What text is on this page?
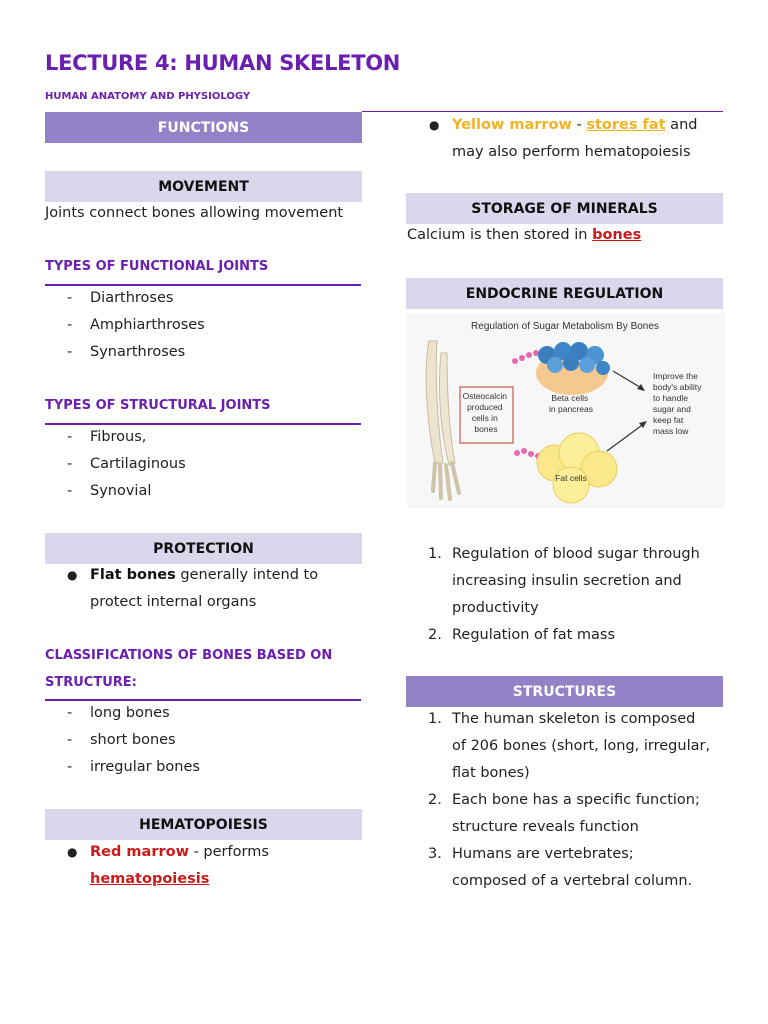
LECTURE 4: HUMAN SKELETON
HUMAN ANATOMY AND PHYSIOLOGY
FUNCTIONS
MOVEMENT
Joints connect bones allowing movement
TYPES OF FUNCTIONAL JOINTS
-	Diarthroses
-	Amphiarthroses
-	Synarthroses
TYPES OF STRUCTURAL JOINTS
-	Fibrous,
-	Cartilaginous
-	Synovial
PROTECTION
● Flat bones generally intend to
protect internal organs
CLASSIFICATIONS OF BONES BASED ON
STRUCTURE:
-	long bones
-	short bones
-	irregular bones
HEMATOPOIESIS
● Red marrow - performs
hematopoiesis
● Yellow marrow - stores fat and
may also perform hematopoiesis
STORAGE OF MINERALS
Calcium is then stored in bones
ENDOCRINE REGULATION
Regulation of Sugar Metabolism By Bones
Beta cells in pancreas
Fat cells
Osteocalcin produced cells in bones
Improve the body's ability to handle sugar and keep fat mass low
1. Regulation of blood sugar through
increasing insulin secretion and
productivity
2. Regulation of fat mass
STRUCTURES
1. The human skeleton is composed
of 206 bones (short, long, irregular,
flat bones)
2. Each bone has a specific function;
structure reveals function
3. Humans are vertebrates;
composed of a vertebral column.
